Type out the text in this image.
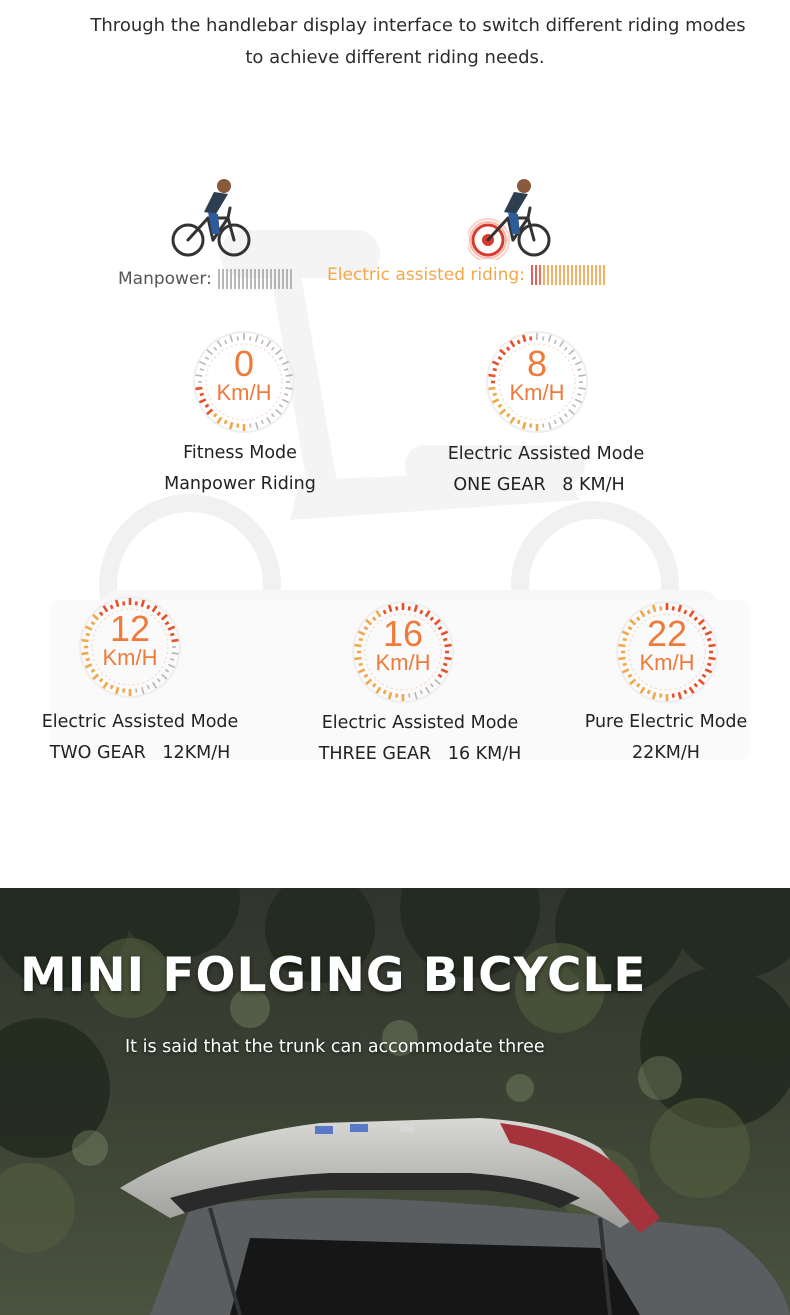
Through the handlebar display interface to switch different riding modes
to achieve different riding needs.
Manpower:	Electric assisted riding:
0
Km/H
8
Km/H
12
Km/H
16
Km/H
22
Km/H
Fitness Mode
Manpower Riding
Electric Assisted Mode
ONE GEAR   8 KM/H
Electric Assisted Mode
TWO GEAR   12KM/H
Electric Assisted Mode
THREE GEAR   16 KM/H
Pure Electric Mode
22KM/H
MINI FOLGING BICYCLE
It is said that the trunk can accommodate three
